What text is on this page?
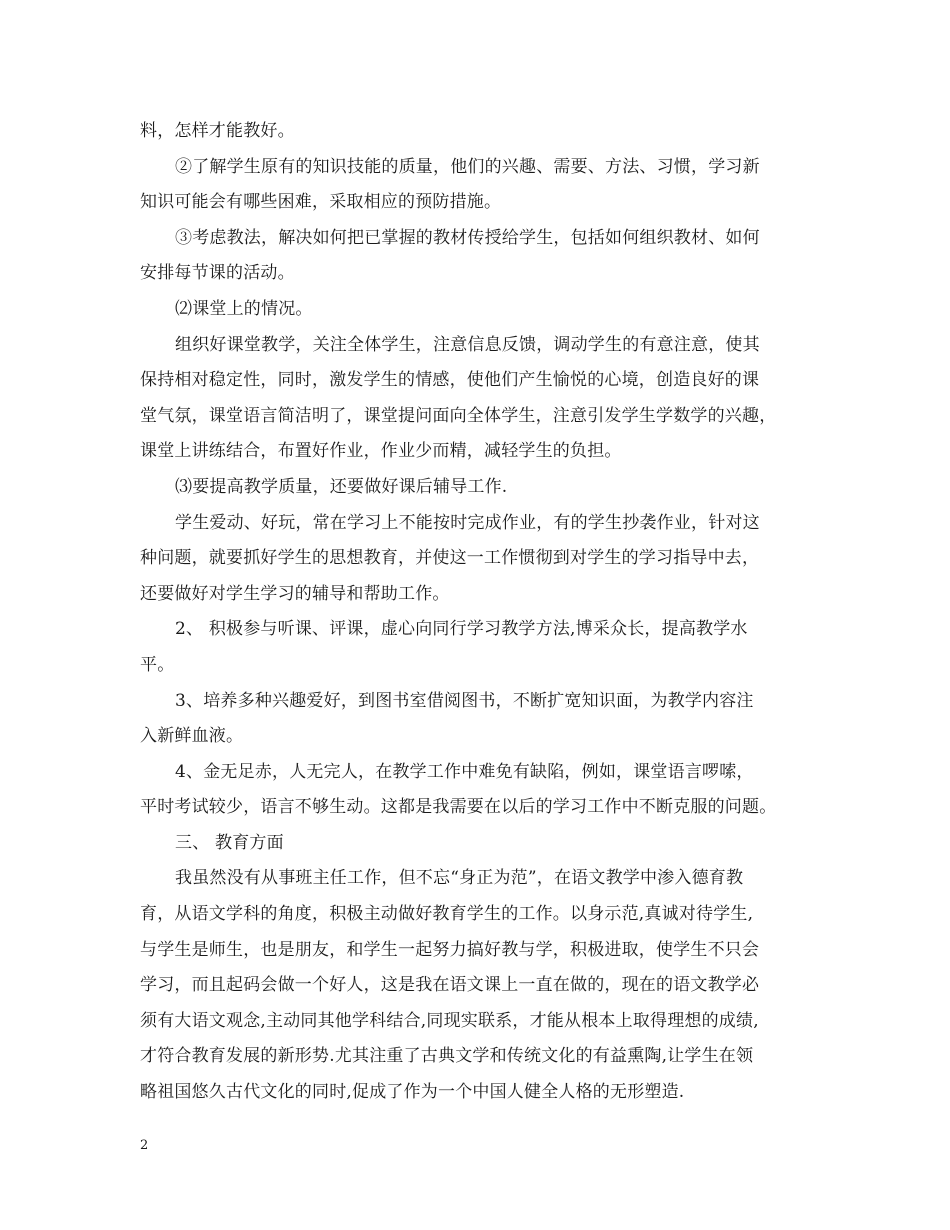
料，怎样才能教好。
②了解学生原有的知识技能的质量，他们的兴趣、需要、方法、习惯，学习新
知识可能会有哪些困难，采取相应的预防措施。
③考虑教法，解决如何把已掌握的教材传授给学生，包括如何组织教材、如何
安排每节课的活动。
⑵课堂上的情况。
组织好课堂教学，关注全体学生，注意信息反馈，调动学生的有意注意，使其
保持相对稳定性，同时，激发学生的情感，使他们产生愉悦的心境，创造良好的课
堂气氛，课堂语言简洁明了，课堂提问面向全体学生，注意引发学生学数学的兴趣，
课堂上讲练结合，布置好作业，作业少而精，减轻学生的负担。
⑶要提高教学质量，还要做好课后辅导工作.
学生爱动、好玩，常在学习上不能按时完成作业，有的学生抄袭作业，针对这
种问题，就要抓好学生的思想教育，并使这一工作惯彻到对学生的学习指导中去，
还要做好对学生学习的辅导和帮助工作。
2、 积极参与听课、评课，虚心向同行学习教学方法,博采众长，提高教学水
平。
3、培养多种兴趣爱好，到图书室借阅图书，不断扩宽知识面，为教学内容注
入新鲜血液。
4、金无足赤，人无完人，在教学工作中难免有缺陷，例如，课堂语言啰嗦，
平时考试较少，语言不够生动。这都是我需要在以后的学习工作中不断克服的问题。
三、 教育方面
我虽然没有从事班主任工作，但不忘“身正为范”，在语文教学中渗入德育教
育，从语文学科的角度，积极主动做好教育学生的工作。以身示范,真诚对待学生,
与学生是师生，也是朋友，和学生一起努力搞好教与学，积极进取，使学生不只会
学习，而且起码会做一个好人，这是我在语文课上一直在做的，现在的语文教学必
须有大语文观念,主动同其他学科结合,同现实联系，才能从根本上取得理想的成绩,
才符合教育发展的新形势.尤其注重了古典文学和传统文化的有益熏陶,让学生在领
略祖国悠久古代文化的同时,促成了作为一个中国人健全人格的无形塑造.
2
